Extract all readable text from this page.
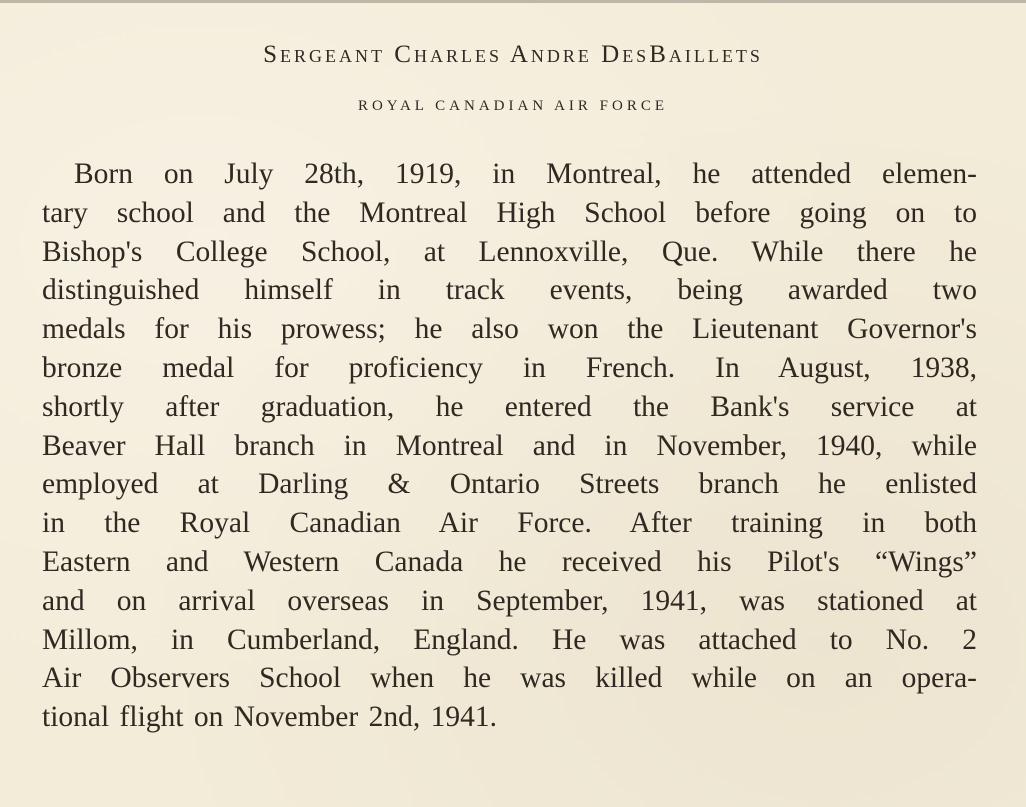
Sergeant Charles Andre DesBaillets
ROYAL CANADIAN AIR FORCE
Born on July 28th, 1919, in Montreal, he attended elemen-
tary school and the Montreal High School before going on to
Bishop's College School, at Lennoxville, Que. While there he
distinguished himself in track events, being awarded two
medals for his prowess; he also won the Lieutenant Governor's
bronze medal for proficiency in French. In August, 1938,
shortly after graduation, he entered the Bank's service at
Beaver Hall branch in Montreal and in November, 1940, while
employed at Darling & Ontario Streets branch he enlisted
in the Royal Canadian Air Force. After training in both
Eastern and Western Canada he received his Pilot's “Wings”
and on arrival overseas in September, 1941, was stationed at
Millom, in Cumberland, England. He was attached to No. 2
Air Observers School when he was killed while on an opera-
tional flight on November 2nd, 1941.
